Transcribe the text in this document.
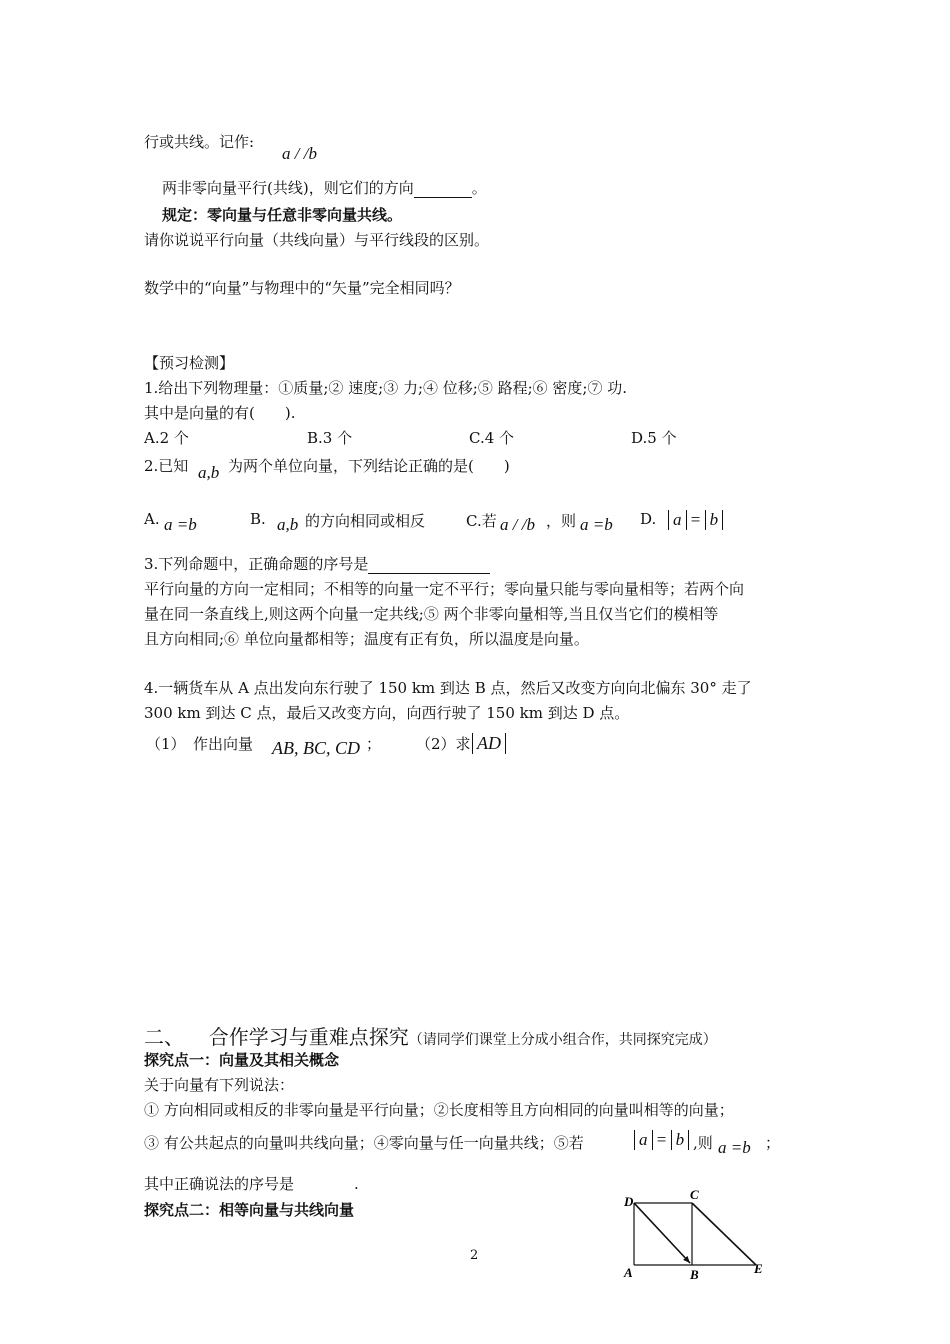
行或共线。记作:
a / /b
两非零向量平行(共线)，则它们的方向	。
规定：零向量与任意非零向量共线。
请你说说平行向量（共线向量）与平行线段的区别。
数学中的“向量”与物理中的“矢量”完全相同吗？
【预习检测】
1.给出下列物理量：①质量;② 速度;③ 力;④ 位移;⑤ 路程;⑥ 密度;⑦ 功.
其中是向量的有(　　).
A.2 个	B.3 个	C.4 个	D.5 个
2.已知 a,b 为两个单位向量，下列结论正确的是(　　)
A. a =b	B. a,b 的方向相同或相反	C.若 a / /b ，则 a =b D. a = b
3.下列命题中，正确命题的序号是
平行向量的方向一定相同；不相等的向量一定不平行；零向量只能与零向量相等；若两个向
量在同一条直线上,则这两个向量一定共线;⑤ 两个非零向量相等,当且仅当它们的模相等
且方向相同;⑥ 单位向量都相等；温度有正有负，所以温度是向量。
4.一辆货车从 A 点出发向东行驶了 150 km 到达 B 点，然后又改变方向向北偏东 30° 走了
300 km 到达 C 点，最后又改变方向，向西行驶了 150 km 到达 D 点。
（1）　作出向量 AB, BC, CD ； （2）求 AD
二、 合作学习与重难点探究（请同学们课堂上分成小组合作，共同探究完成）
探究点一：向量及其相关概念
关于向量有下列说法：
① 方向相同或相反的非零向量是平行向量；②长度相等且方向相同的向量叫相等的向量；
③ 有公共起点的向量叫共线向量；④零向量与任一向量共线；⑤若	a = b ,则 a =b ；
其中正确说法的序号是　　　　.
探究点二：相等向量与共线向量	D	C
A	B	E
2
